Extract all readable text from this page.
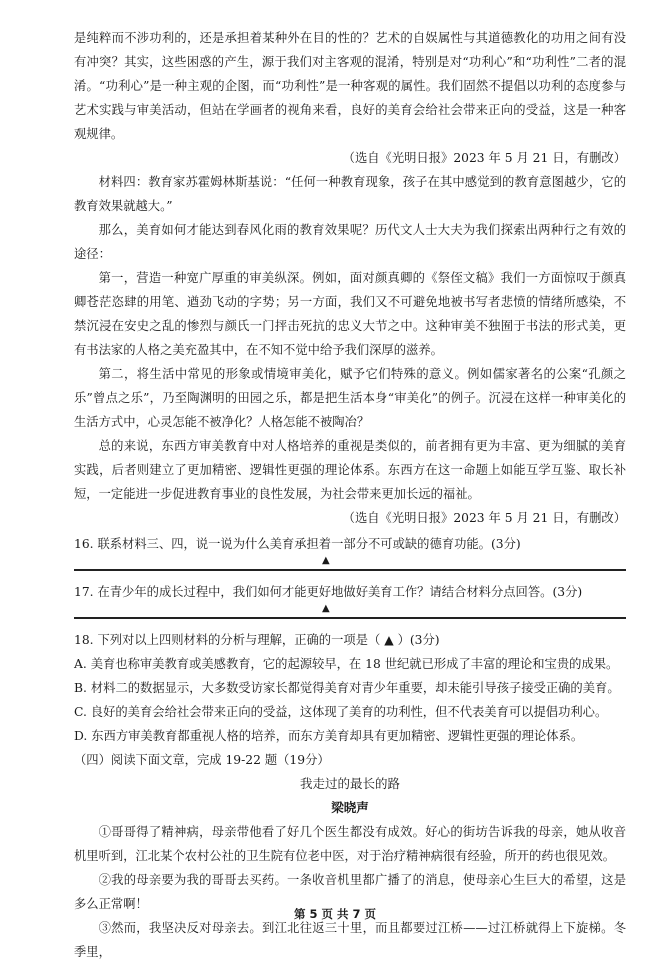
是纯粹而不涉功利的，还是承担着某种外在目的性的？艺术的自娱属性与其道德教化的功用之间有没有冲突？其实，这些困惑的产生，源于我们对主客观的混淆，特别是对“功利心”和“功利性”二者的混淆。“功利心”是一种主观的企图，而“功利性”是一种客观的属性。我们固然不提倡以功利的态度参与艺术实践与审美活动，但站在学画者的视角来看，良好的美育会给社会带来正向的受益，这是一种客观规律。

（选自《光明日报》2023 年 5 月 21 日，有删改）

材料四：教育家苏霍姆林斯基说：“任何一种教育现象，孩子在其中感觉到的教育意图越少，它的教育效果就越大。”

那么，美育如何才能达到春风化雨的教育效果呢？历代文人士大夫为我们探索出两种行之有效的途径：

第一，营造一种宽广厚重的审美纵深。例如，面对颜真卿的《祭侄文稿》我们一方面惊叹于颜真卿苍茫恣肆的用笔、遒劲飞动的字势；另一方面，我们又不可避免地被书写者悲愤的情绪所感染，不禁沉浸在安史之乱的惨烈与颜氏一门抨击死抗的忠义大节之中。这种审美不独囿于书法的形式美，更有书法家的人格之美充盈其中，在不知不觉中给予我们深厚的滋养。

第二，将生活中常见的形象或情境审美化，赋予它们特殊的意义。例如儒家著名的公案“孔颜之乐”曾点之乐”，乃至陶渊明的田园之乐，都是把生活本身“审美化”的例子。沉浸在这样一种审美化的生活方式中，心灵怎能不被净化？人格怎能不被陶冶？

总的来说，东西方审美教育中对人格培养的重视是类似的，前者拥有更为丰富、更为细腻的美育实践，后者则建立了更加精密、逻辑性更强的理论体系。东西方在这一命题上如能互学互鉴、取长补短，一定能进一步促进教育事业的良性发展，为社会带来更加长远的福祉。

（选自《光明日报》2023 年 5 月 21 日，有删改）

16. 联系材料三、四，说一说为什么美育承担着一部分不可或缺的德育功能。(3分)

▲

17. 在青少年的成长过程中，我们如何才能更好地做好美育工作？请结合材料分点回答。(3分)

▲

18. 下列对以上四则材料的分析与理解，正确的一项是（ ▲ ）(3分)

A. 美育也称审美教育或美感教育，它的起源较早，在 18 世纪就已形成了丰富的理论和宝贵的成果。

B. 材料二的数据显示，大多数受访家长都觉得美育对青少年重要，却未能引导孩子接受正确的美育。

C. 良好的美育会给社会带来正向的受益，这体现了美育的功利性，但不代表美育可以提倡功利心。

D. 东西方审美教育都重视人格的培养，而东方美育却具有更加精密、逻辑性更强的理论体系。

（四）阅读下面文章，完成 19-22 题（19分）

我走过的最长的路

梁晓声

①哥哥得了精神病，母亲带他看了好几个医生都没有成效。好心的街坊告诉我的母亲，她从收音机里听到，江北某个农村公社的卫生院有位老中医，对于治疗精神病很有经验，所开的药也很见效。

②我的母亲要为我的哥哥去买药。一条收音机里都广播了的消息，使母亲心生巨大的希望，这是多么正常啊！

③然而，我坚决反对母亲去。到江北往返三十里，而且都要过江桥——过江桥就得上下旋梯。冬季里，

第 5 页 共 7 页
